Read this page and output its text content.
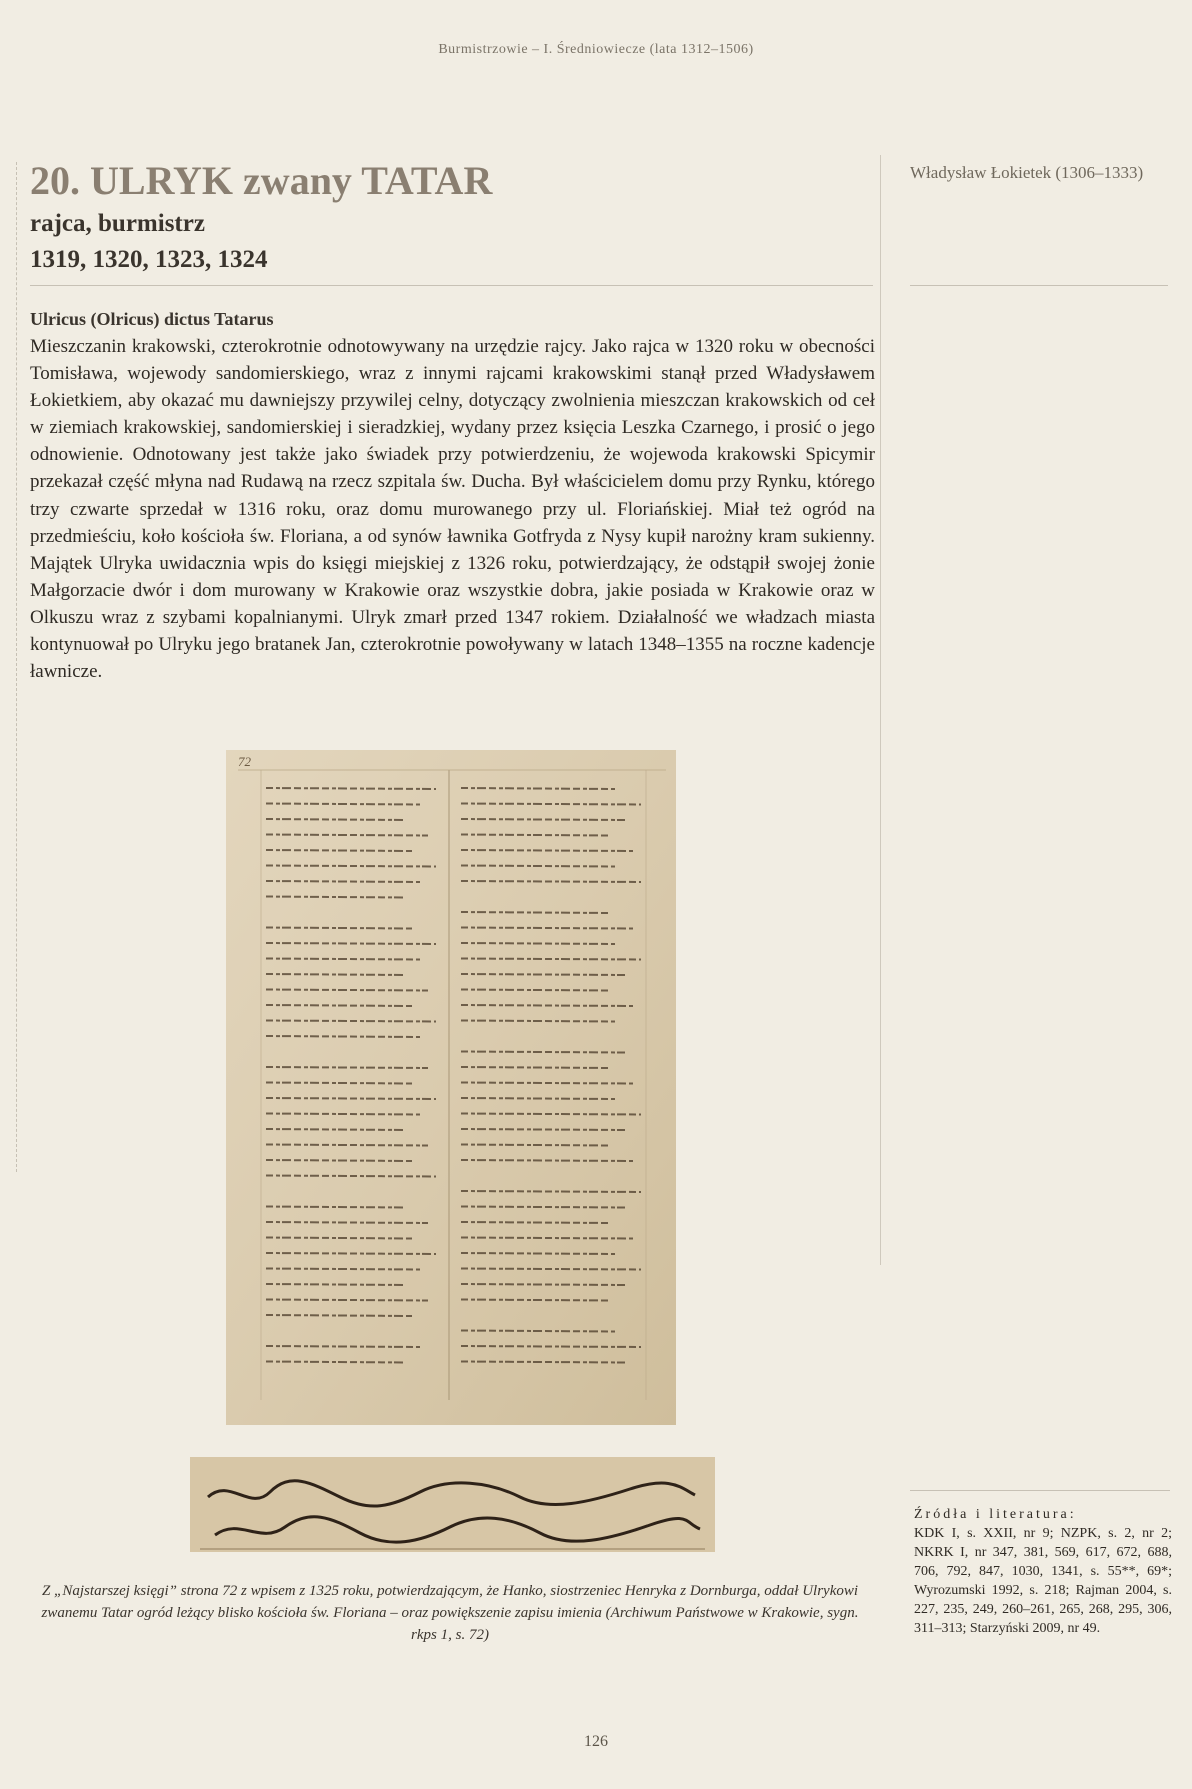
Burmistrzowie – I. Średniowiecze (lata 1312–1506)
20. ULRYK zwany TATAR
rajca, burmistrz
1319, 1320, 1323, 1324
Władysław Łokietek (1306–1333)
Ulricus (Olricus) dictus Tatarus
Mieszczanin krakowski, czterokrotnie odnotowywany na urzędzie rajcy. Jako rajca w 1320 roku w obecności Tomisława, wojewody sandomierskiego, wraz z innymi rajcami krakowskimi stanął przed Władysławem Łokietkiem, aby okazać mu dawniejszy przywilej celny, dotyczący zwolnienia mieszczan krakowskich od ceł w ziemiach krakowskiej, sandomierskiej i sieradzkiej, wydany przez księcia Leszka Czarnego, i prosić o jego odnowienie. Odnotowany jest także jako świadek przy potwierdzeniu, że wojewoda krakowski Spicymir przekazał część młyna nad Rudawą na rzecz szpitala św. Ducha. Był właścicielem domu przy Rynku, którego trzy czwarte sprzedał w 1316 roku, oraz domu murowanego przy ul. Floriańskiej. Miał też ogród na przedmieściu, koło kościoła św. Floriana, a od synów ławnika Gotfryda z Nysy kupił narożny kram sukienny. Majątek Ulryka uwidacznia wpis do księgi miejskiej z 1326 roku, potwierdzający, że odstąpił swojej żonie Małgorzacie dwór i dom murowany w Krakowie oraz wszystkie dobra, jakie posiada w Krakowie oraz w Olkuszu wraz z szybami kopalnianymi. Ulryk zmarł przed 1347 rokiem. Działalność we władzach miasta kontynuował po Ulryku jego bratanek Jan, czterokrotnie powoływany w latach 1348–1355 na roczne kadencje ławnicze.
72
Z „Najstarszej księgi” strona 72 z wpisem z 1325 roku, potwierdzającym, że Hanko, siostrzeniec Henryka z Dornburga, oddał Ulrykowi zwanemu Tatar ogród leżący blisko kościoła św. Floriana – oraz powiększenie zapisu imienia (Archiwum Państwowe w Krakowie, sygn. rkps 1, s. 72)
Źródła i literatura:
KDK I, s. XXII, nr 9; NZPK, s. 2, nr 2; NKRK I, nr 347, 381, 569, 617, 672, 688, 706, 792, 847, 1030, 1341, s. 55**, 69*; Wyrozumski 1992, s. 218; Rajman 2004, s. 227, 235, 249, 260–261, 265, 268, 295, 306, 311–313; Starzyński 2009, nr 49.
126
